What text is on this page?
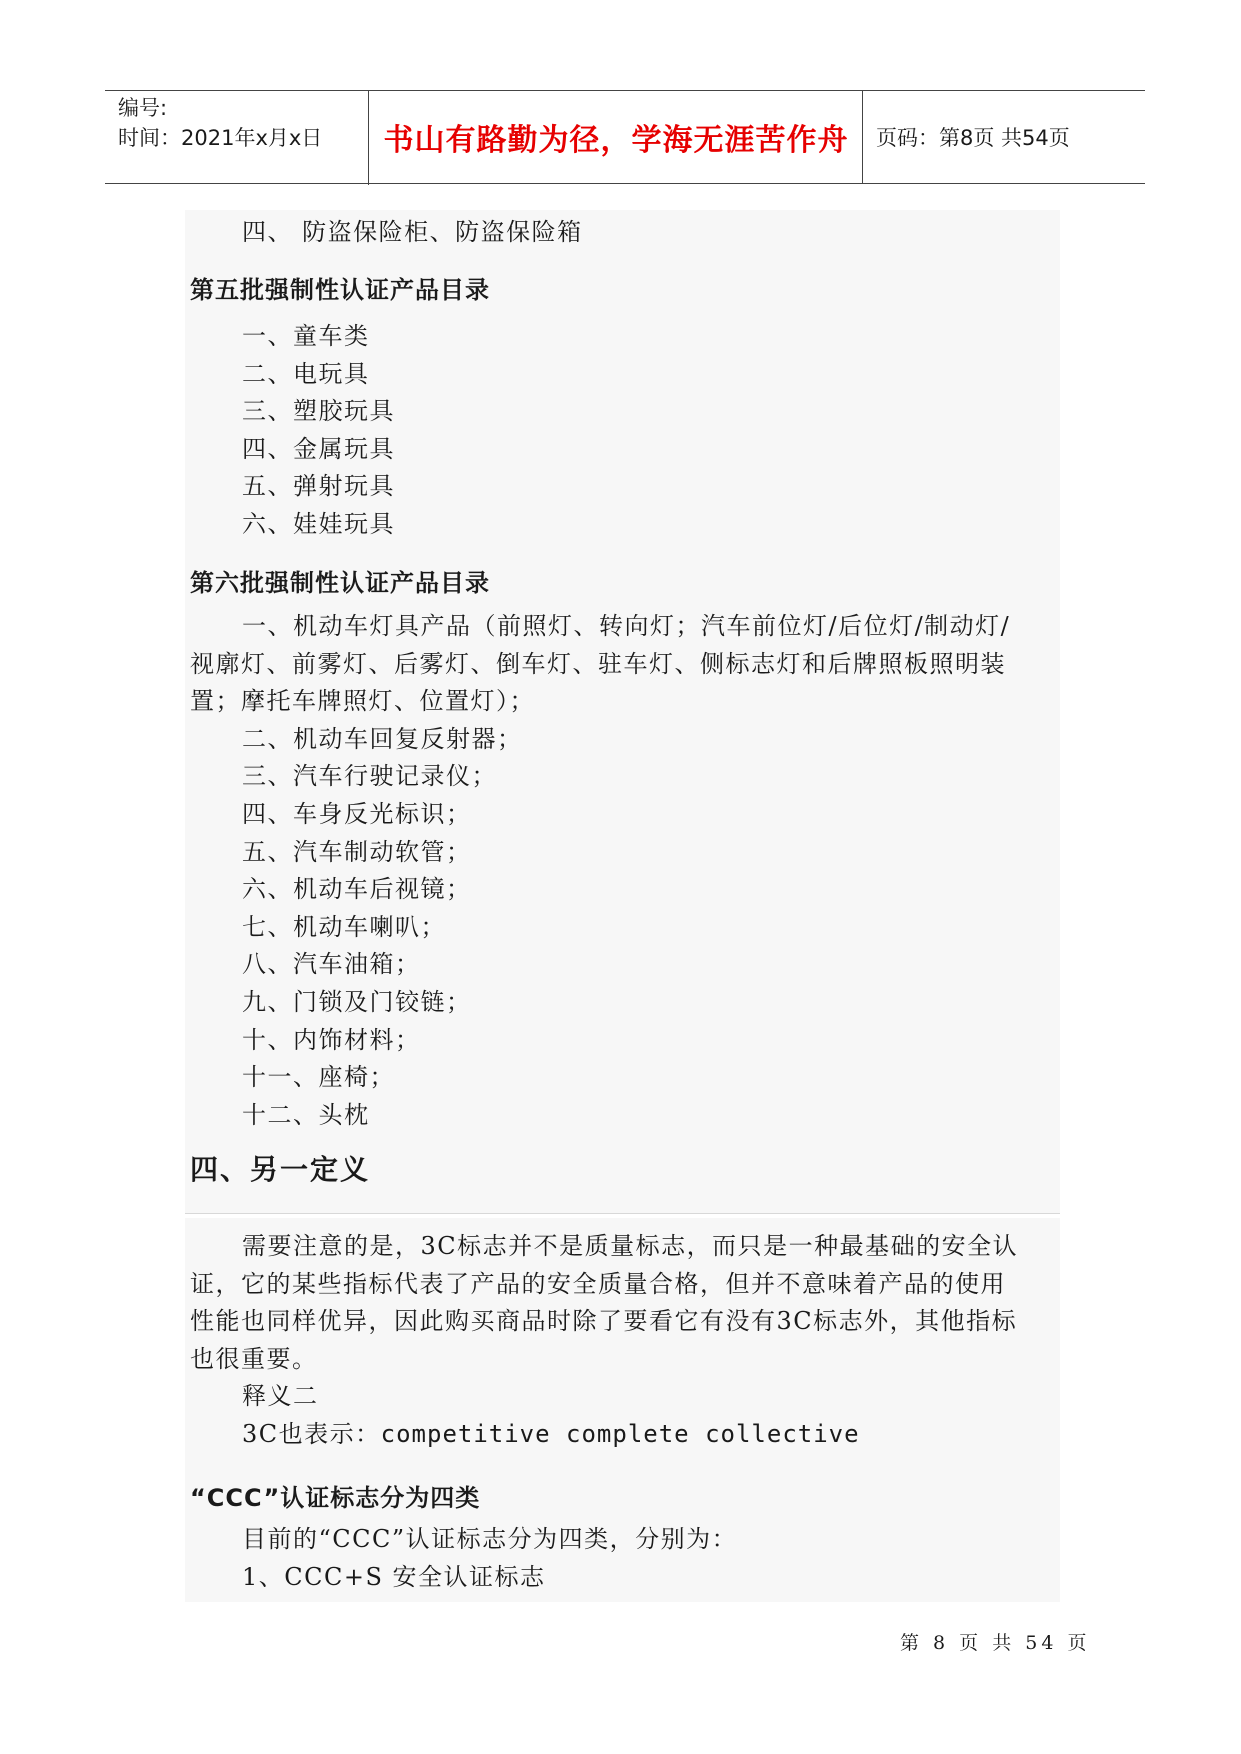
编号:
时间：2021年x月x日	书山有路勤为径，学海无涯苦作舟	页码：第8页 共54页
四、 防盗保险柜、防盗保险箱
第五批强制性认证产品目录
一、童车类
二、电玩具
三、塑胶玩具
四、金属玩具
五、弹射玩具
六、娃娃玩具
第六批强制性认证产品目录
一、机动车灯具产品（前照灯、转向灯；汽车前位灯/后位灯/制动灯/
视廓灯、前雾灯、后雾灯、倒车灯、驻车灯、侧标志灯和后牌照板照明装
置；摩托车牌照灯、位置灯）；
二、机动车回复反射器；
三、汽车行驶记录仪；
四、车身反光标识；
五、汽车制动软管；
六、机动车后视镜；
七、机动车喇叭；
八、汽车油箱；
九、门锁及门铰链；
十、内饰材料；
十一、座椅；
十二、头枕
四、另一定义
需要注意的是，3C标志并不是质量标志，而只是一种最基础的安全认
证，它的某些指标代表了产品的安全质量合格，但并不意味着产品的使用
性能也同样优异，因此购买商品时除了要看它有没有3C标志外，其他指标
也很重要。
释义二
3C也表示：competitive complete collective
“CCC”认证标志分为四类
目前的“CCC”认证标志分为四类，分别为：
1、CCC+S 安全认证标志
第 8 页 共 54 页
